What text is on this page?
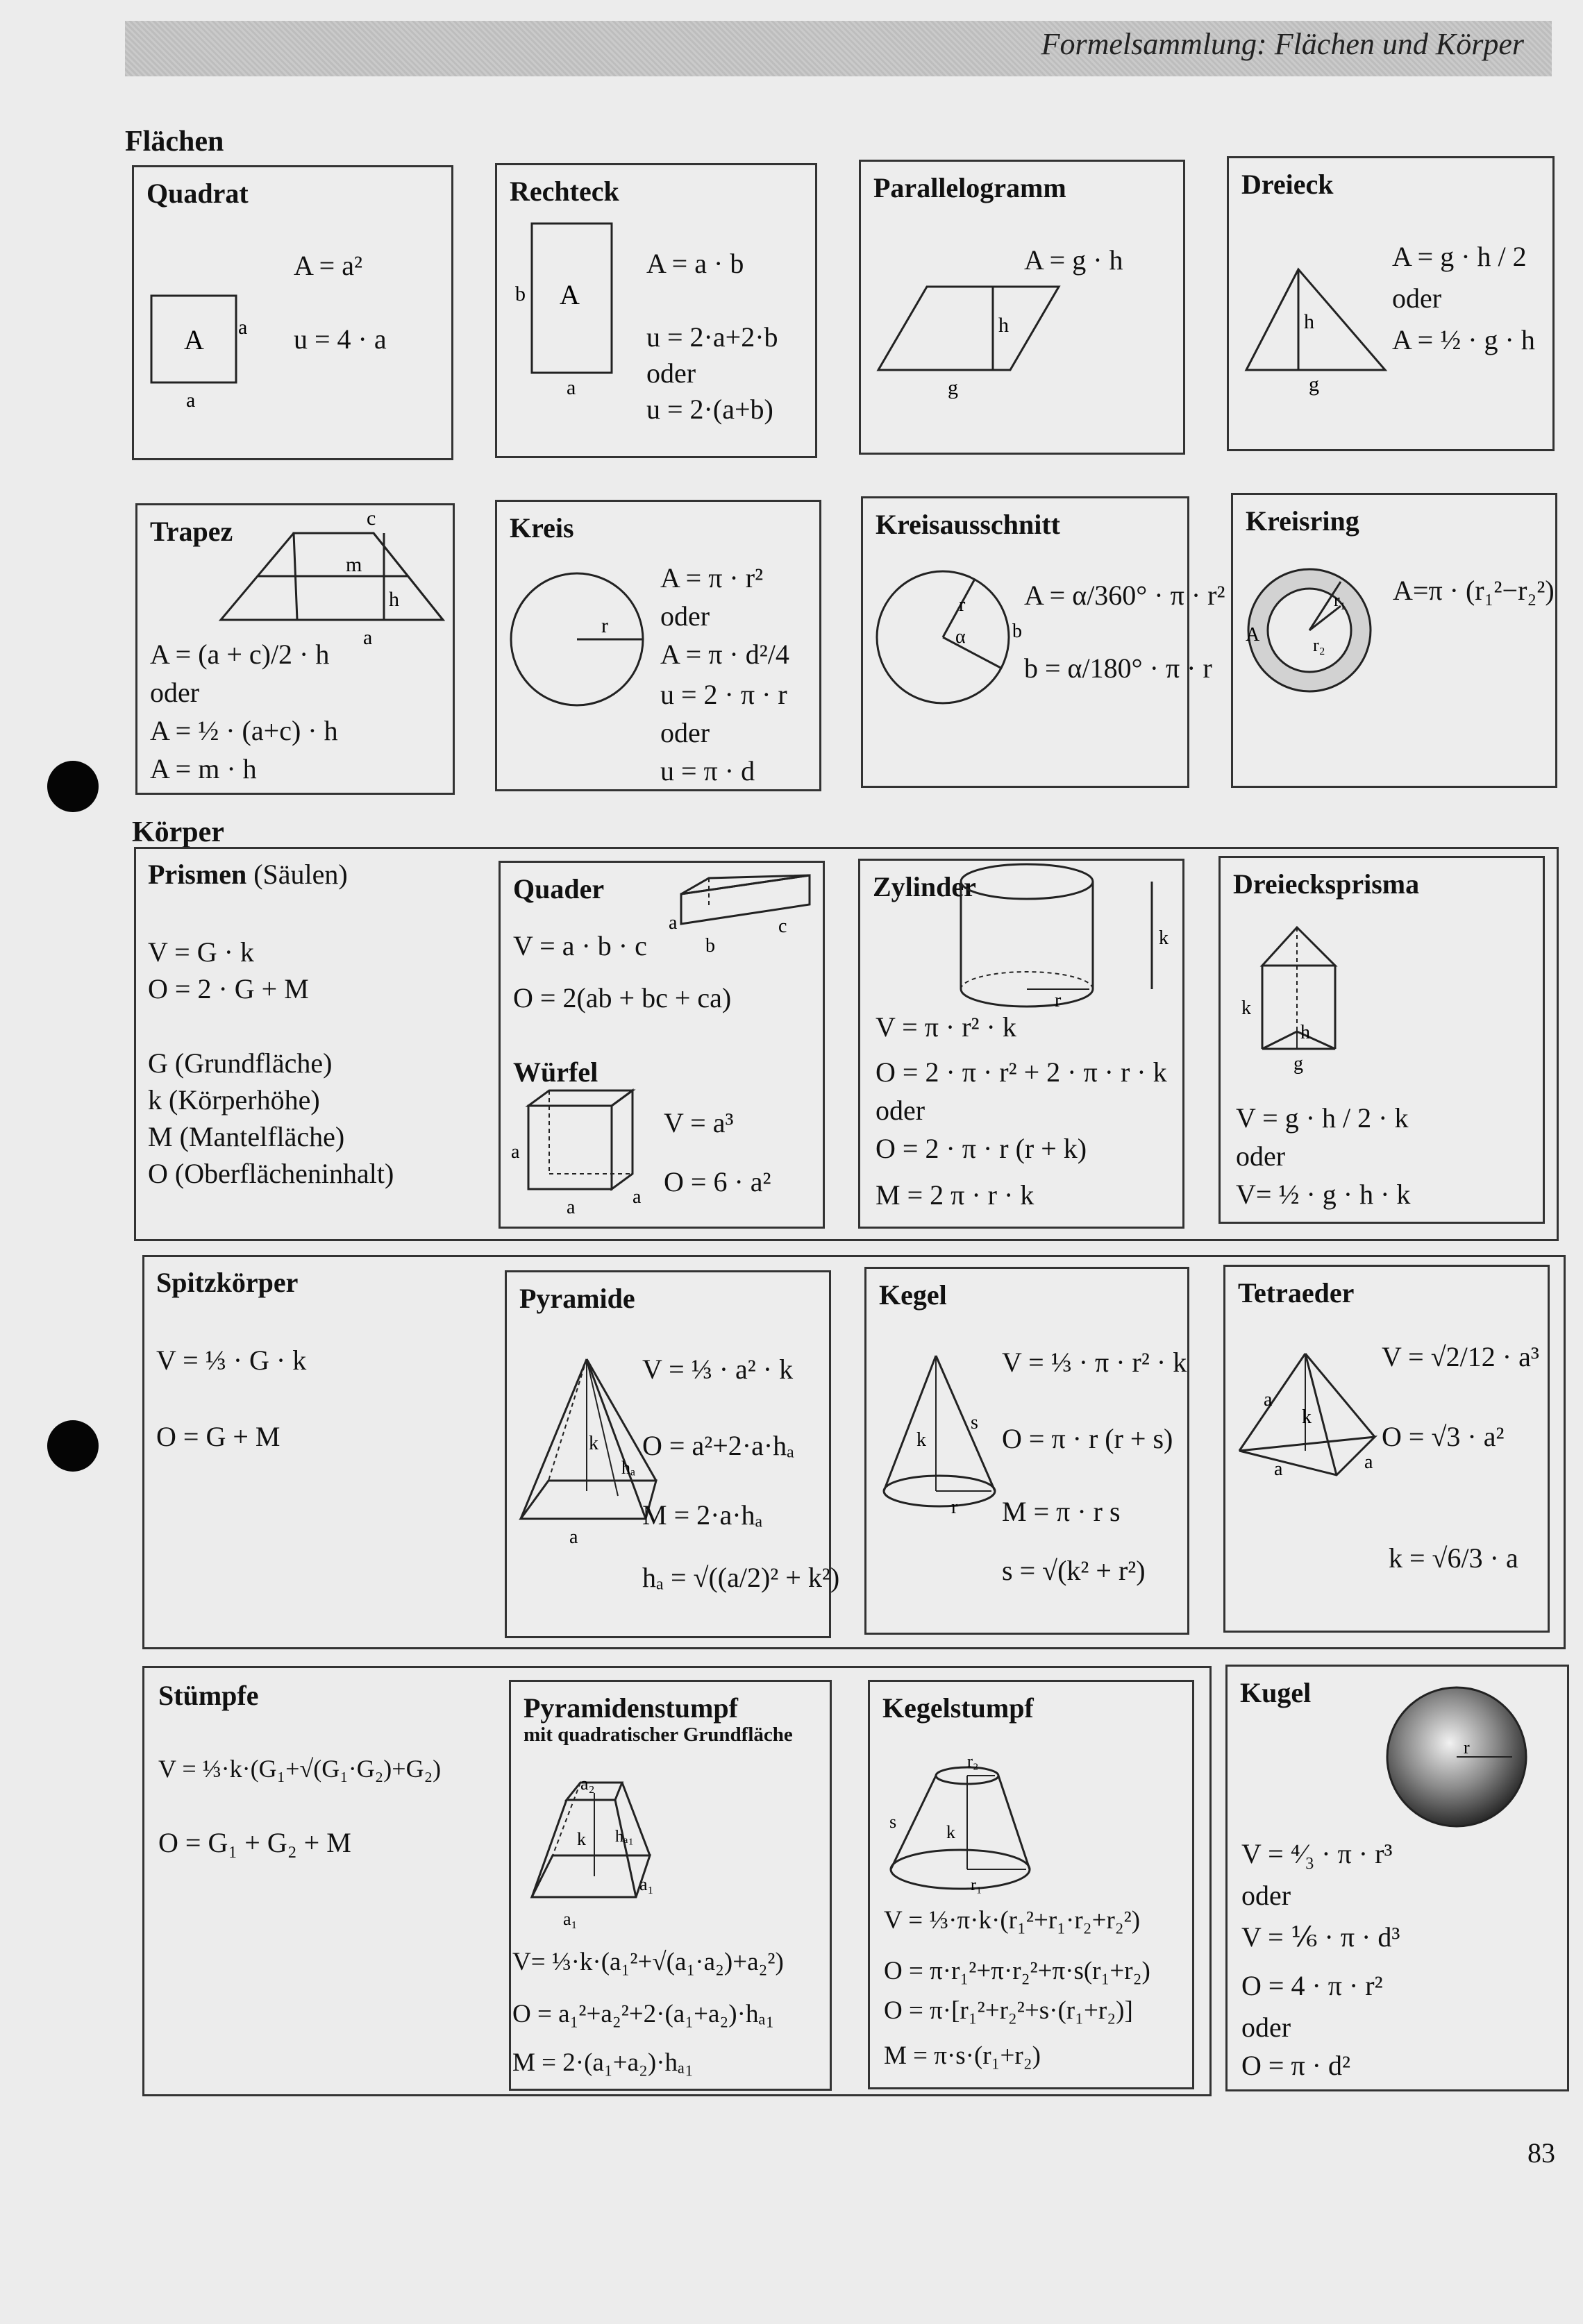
Formelsammlung: Flächen und Körper
Flächen
Quadrat
A a
a
A = a²
u = 4 · a
Rechteck
A
b
a
A = a · b
u = 2·a+2·b
oder
u = 2·(a+b)
Parallelogramm
h
g
A = g · h
Dreieck
h
g
A = g · h / 2
oder
A = ½ · g · h
Trapez	c
m
h
a
A = (a + c)/2 · h
oder
A = ½ · (a+c) · h
A = m · h
Kreis
r
A = π · r²
oder
A = π · d²/4
u = 2 · π · r
oder
u = π · d
Kreisausschnitt
r
α b
A = α/360° · π · r²
b = α/180° · π · r
Kreisring
A
r₁
r₂
A=π · (r₁²−r₂²)
Körper
Prismen (Säulen)
V = G · k
O = 2 · G + M
G (Grundfläche)
k (Körperhöhe)
M (Mantelfläche)
O (Oberflächeninhalt)
Quader
a
b
c
a
a
a
V = a · b · c
O = 2(ab + bc + ca)
Würfel
V = a³
O = 6 · a²
Zylinder
k
r
V = π · r² · k
O = 2 · π · r² + 2 · π · r · k
oder
O = 2 · π · r (r + k)
M = 2 π · r · k
Dreiecksprisma
k
h
g
V = g · h / 2 · k
oder
V= ½ · g · h · k
Spitzkörper
V = ⅓ · G · k
O = G + M
Pyramide
k
hₐ
a
V = ⅓ · a² · k
O = a²+2·a·hₐ
M = 2·a·hₐ
hₐ = √((a/2)² + k²)
Kegel
k
s
r
V = ⅓ · π · r² · k
O = π · r (r + s)
M = π · r s
s = √(k² + r²)
Tetraeder
a
k
a	a
V = √2/12 · a³
O = √3 · a²
k = √6/3 · a
Stümpfe
V = ⅓·k·(G₁+√(G₁·G₂)+G₂)
O = G₁ + G₂ + M
Pyramidenstumpf
mit quadratischer Grundfläche
a₂
k hₐ₁
a₁
a₁
V= ⅓·k·(a₁²+√(a₁·a₂)+a₂²)
O = a₁²+a₂²+2·(a₁+a₂)·hₐ₁
M = 2·(a₁+a₂)·hₐ₁
Kegelstumpf
r₂
s
k
r₁
V = ⅓·π·k·(r₁²+r₁·r₂+r₂²)
O = π·r₁²+π·r₂²+π·s(r₁+r₂)
O = π·[r₁²+r₂²+s·(r₁+r₂)]
M = π·s·(r₁+r₂)
Kugel
r
V = ⁴⁄₃ · π · r³
oder
V = ⅙ · π · d³
O = 4 · π · r²
oder
O = π · d²
83
